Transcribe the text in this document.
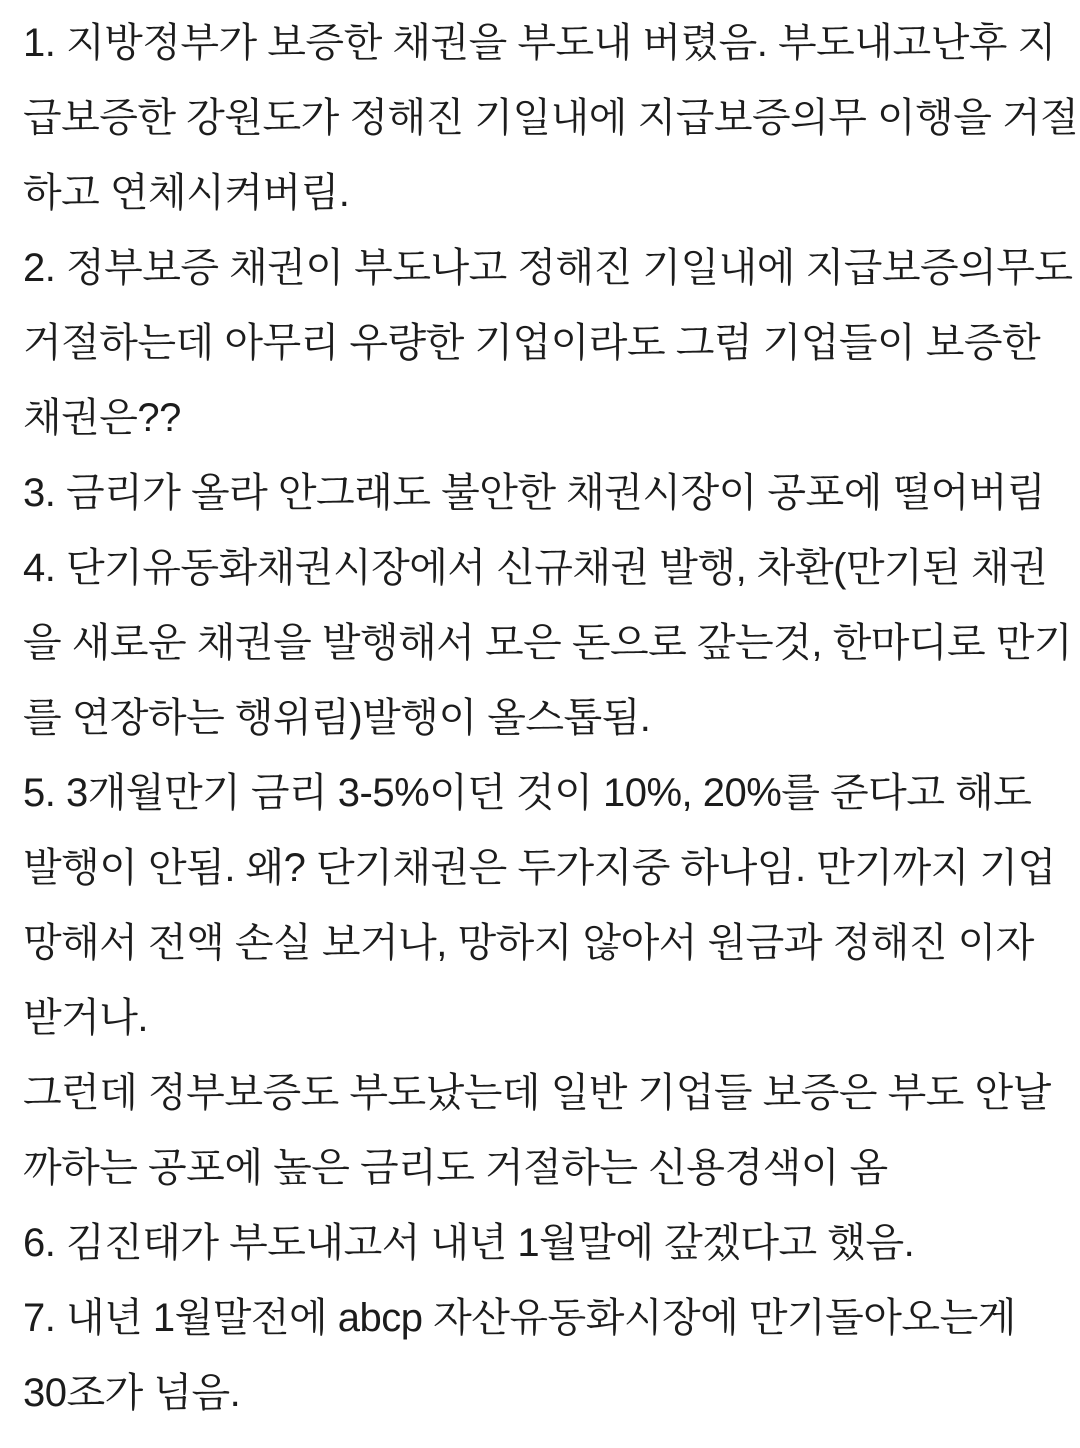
1. 지방정부가 보증한 채권을 부도내 버렸음. 부도내고난후 지
급보증한 강원도가 정해진 기일내에 지급보증의무 이행을 거절
하고 연체시켜버림.
2. 정부보증 채권이 부도나고 정해진 기일내에 지급보증의무도
거절하는데 아무리 우량한 기업이라도 그럼 기업들이 보증한
채권은??
3. 금리가 올라 안그래도 불안한 채권시장이 공포에 떨어버림
4. 단기유동화채권시장에서 신규채권 발행, 차환(만기된 채권
을 새로운 채권을 발행해서 모은 돈으로 갚는것, 한마디로 만기
를 연장하는 행위림)발행이 올스톱됨.
5. 3개월만기 금리 3-5%이던 것이 10%, 20%를 준다고 해도
발행이 안됨. 왜? 단기채권은 두가지중 하나임. 만기까지 기업
망해서 전액 손실 보거나, 망하지 않아서 원금과 정해진 이자
받거나.
그런데 정부보증도 부도났는데 일반 기업들 보증은 부도 안날
까하는 공포에 높은 금리도 거절하는 신용경색이 옴
6. 김진태가 부도내고서 내년 1월말에 갚겠다고 했음.
7. 내년 1월말전에 abcp 자산유동화시장에 만기돌아오는게
30조가 넘음.
